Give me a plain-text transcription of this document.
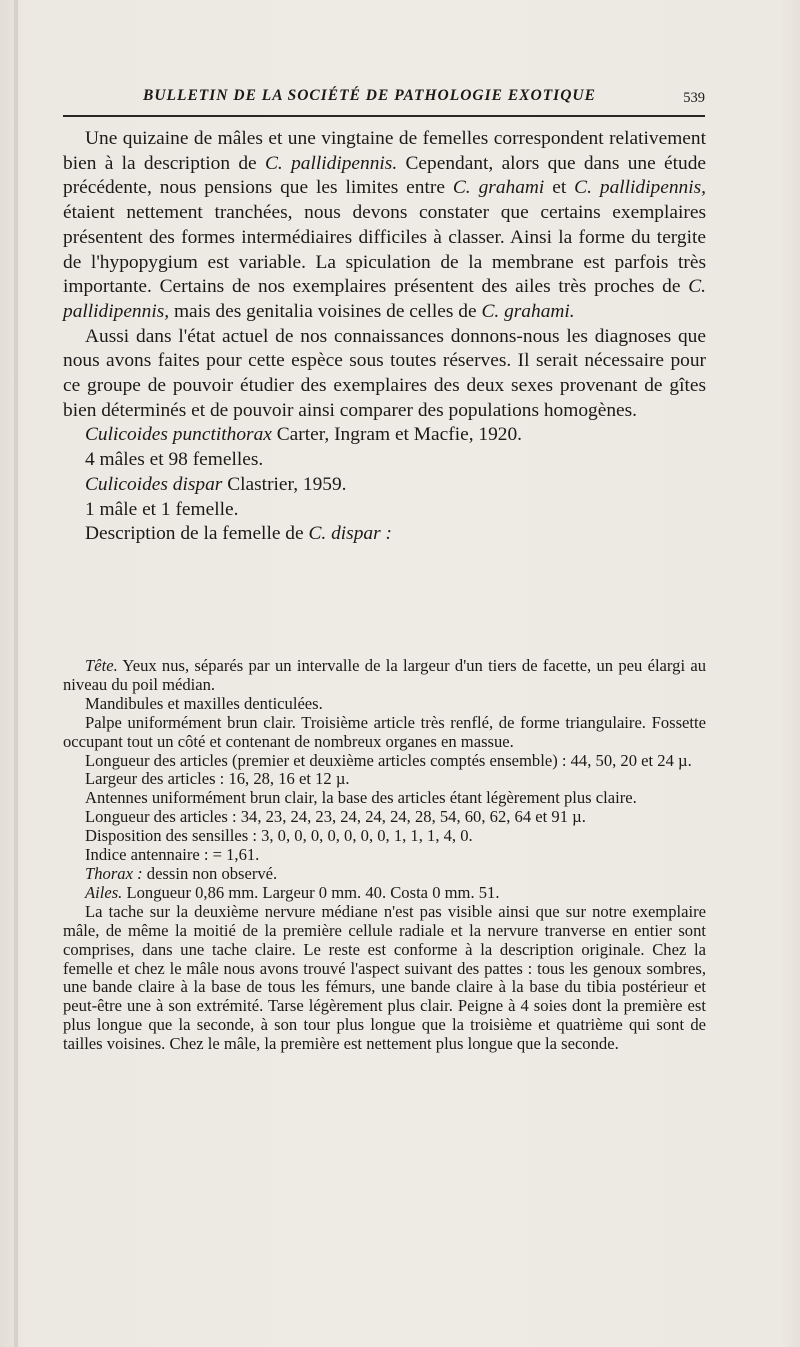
BULLETIN DE LA SOCIÉTÉ DE PATHOLOGIE EXOTIQUE	539

Une quizaine de mâles et une vingtaine de femelles correspondent relativement bien à la description de C. pallidipennis. Cependant, alors que dans une étude précédente, nous pensions que les limites entre C. grahami et C. pallidipennis, étaient nettement tranchées, nous devons constater que certains exemplaires présentent des formes intermédiaires difficiles à classer. Ainsi la forme du tergite de l'hypopygium est variable. La spiculation de la membrane est parfois très importante. Certains de nos exemplaires présentent des ailes très proches de C. pallidipennis, mais des genitalia voisines de celles de C. grahami.

Aussi dans l'état actuel de nos connaissances donnons-nous les diagnoses que nous avons faites pour cette espèce sous toutes réserves. Il serait nécessaire pour ce groupe de pouvoir étudier des exemplaires des deux sexes provenant de gîtes bien déterminés et de pouvoir ainsi comparer des populations homogènes.

Culicoides punctithorax Carter, Ingram et Macfie, 1920.

4 mâles et 98 femelles.

Culicoides dispar Clastrier, 1959.

1 mâle et 1 femelle.

Description de la femelle de C. dispar :

Tête. Yeux nus, séparés par un intervalle de la largeur d'un tiers de facette, un peu élargi au niveau du poil médian.

Mandibules et maxilles denticulées.

Palpe uniformément brun clair. Troisième article très renflé, de forme triangulaire. Fossette occupant tout un côté et contenant de nombreux organes en massue.

Longueur des articles (premier et deuxième articles comptés ensemble) : 44, 50, 20 et 24 µ.

Largeur des articles : 16, 28, 16 et 12 µ.

Antennes uniformément brun clair, la base des articles étant légèrement plus claire.

Longueur des articles : 34, 23, 24, 23, 24, 24, 24, 28, 54, 60, 62, 64 et 91 µ.

Disposition des sensilles : 3, 0, 0, 0, 0, 0, 0, 0, 1, 1, 1, 4, 0.

Indice antennaire : = 1,61.

Thorax : dessin non observé.

Ailes. Longueur 0,86 mm. Largeur 0 mm. 40. Costa 0 mm. 51.

La tache sur la deuxième nervure médiane n'est pas visible ainsi que sur notre exemplaire mâle, de même la moitié de la première cellule radiale et la nervure tranverse en entier sont comprises, dans une tache claire. Le reste est conforme à la description originale. Chez la femelle et chez le mâle nous avons trouvé l'aspect suivant des pattes : tous les genoux sombres, une bande claire à la base de tous les fémurs, une bande claire à la base du tibia postérieur et peut-être une à son extrémité. Tarse légèrement plus clair. Peigne à 4 soies dont la première est plus longue que la seconde, à son tour plus longue que la troisième et quatrième qui sont de tailles voisines. Chez le mâle, la première est nettement plus longue que la seconde.
